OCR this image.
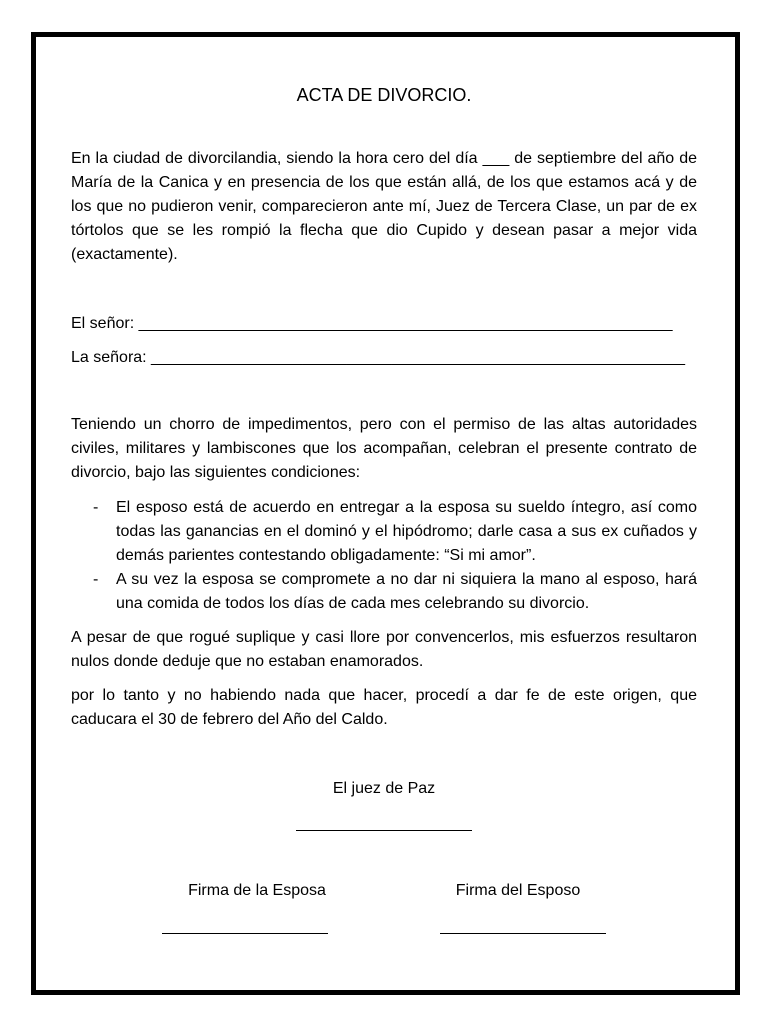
ACTA DE DIVORCIO.

En la ciudad de divorcilandia, siendo la hora cero del día ___ de septiembre del año de María de la Canica y en presencia de los que están allá, de los que estamos acá y de los que no pudieron venir, comparecieron ante mí, Juez de Tercera Clase, un par de ex tórtolos que se les rompió la flecha que dio Cupido y desean pasar a mejor vida (exactamente).

El señor: ____________________________________________________________
La señora: ____________________________________________________________

Teniendo un chorro de impedimentos, pero con el permiso de las altas autoridades civiles, militares y lambiscones que los acompañan, celebran el presente contrato de divorcio, bajo las siguientes condiciones:

- El esposo está de acuerdo en entregar a la esposa su sueldo íntegro, así como todas las ganancias en el dominó y el hipódromo; darle casa a sus ex cuñados y demás parientes contestando obligadamente: “Si mi amor”.
- A su vez la esposa se compromete a no dar ni siquiera la mano al esposo, hará una comida de todos los días de cada mes celebrando su divorcio.

A pesar de que rogué suplique y casi llore por convencerlos, mis esfuerzos resultaron nulos donde deduje que no estaban enamorados.

por lo tanto y no habiendo nada que hacer, procedí a dar fe de este origen, que caducara el 30 de febrero del Año del Caldo.

El juez de Paz
Firma de la Esposa	Firma del Esposo
